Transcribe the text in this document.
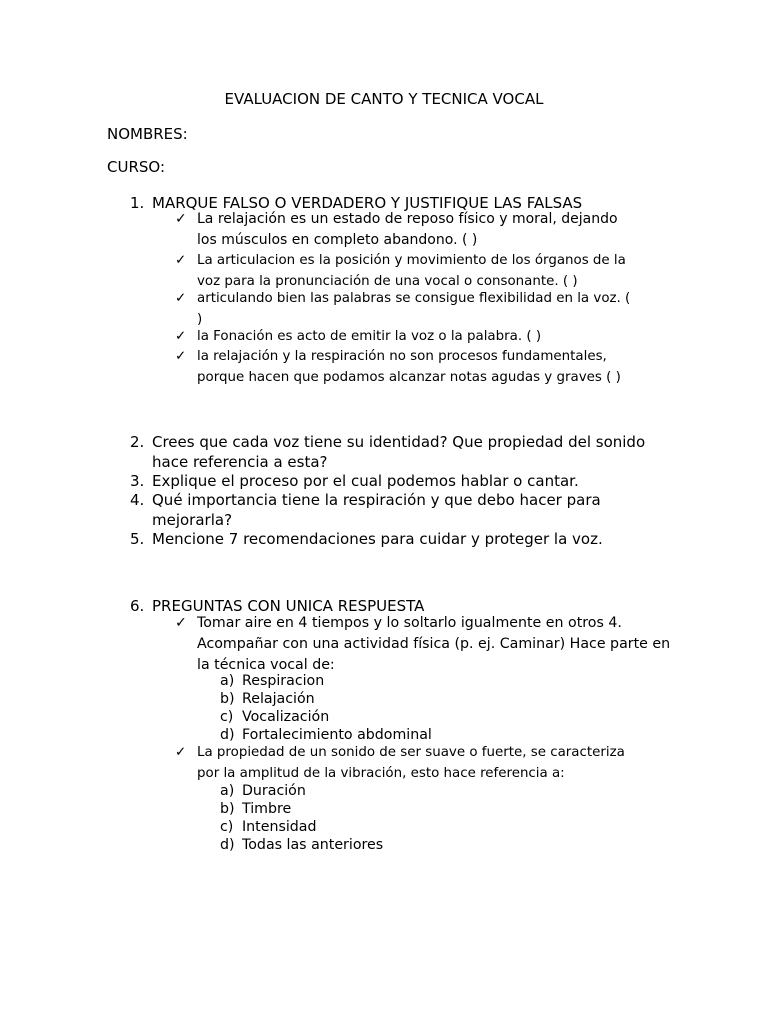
EVALUACION DE CANTO Y TECNICA VOCAL
NOMBRES:
CURSO:
1. MARQUE FALSO O VERDADERO Y JUSTIFIQUE LAS FALSAS
✓ La relajación es un estado de reposo físico y moral, dejando
los músculos en completo abandono. ( )
✓ La articulacion es la posición y movimiento de los órganos de la
voz para la pronunciación de una vocal o consonante. ( )
✓ articulando bien las palabras se consigue flexibilidad en la voz. (
)
✓ la Fonación es acto de emitir la voz o la palabra. ( )
✓ la relajación y la respiración no son procesos fundamentales,
porque hacen que podamos alcanzar notas agudas y graves ( )
2. Crees que cada voz tiene su identidad? Que propiedad del sonido
hace referencia a esta?
3. Explique el proceso por el cual podemos hablar o cantar.
4. Qué importancia tiene la respiración y que debo hacer para
mejorarla?
5. Mencione 7 recomendaciones para cuidar y proteger la voz.
6. PREGUNTAS CON UNICA RESPUESTA
✓ Tomar aire en 4 tiempos y lo soltarlo igualmente en otros 4.
Acompañar con una actividad física (p. ej. Caminar) Hace parte en
la técnica vocal de:
a) Respiracion
b) Relajación
c) Vocalización
d) Fortalecimiento abdominal
✓ La propiedad de un sonido de ser suave o fuerte, se caracteriza
por la amplitud de la vibración, esto hace referencia a:
a) Duración
b) Timbre
c) Intensidad
d) Todas las anteriores
